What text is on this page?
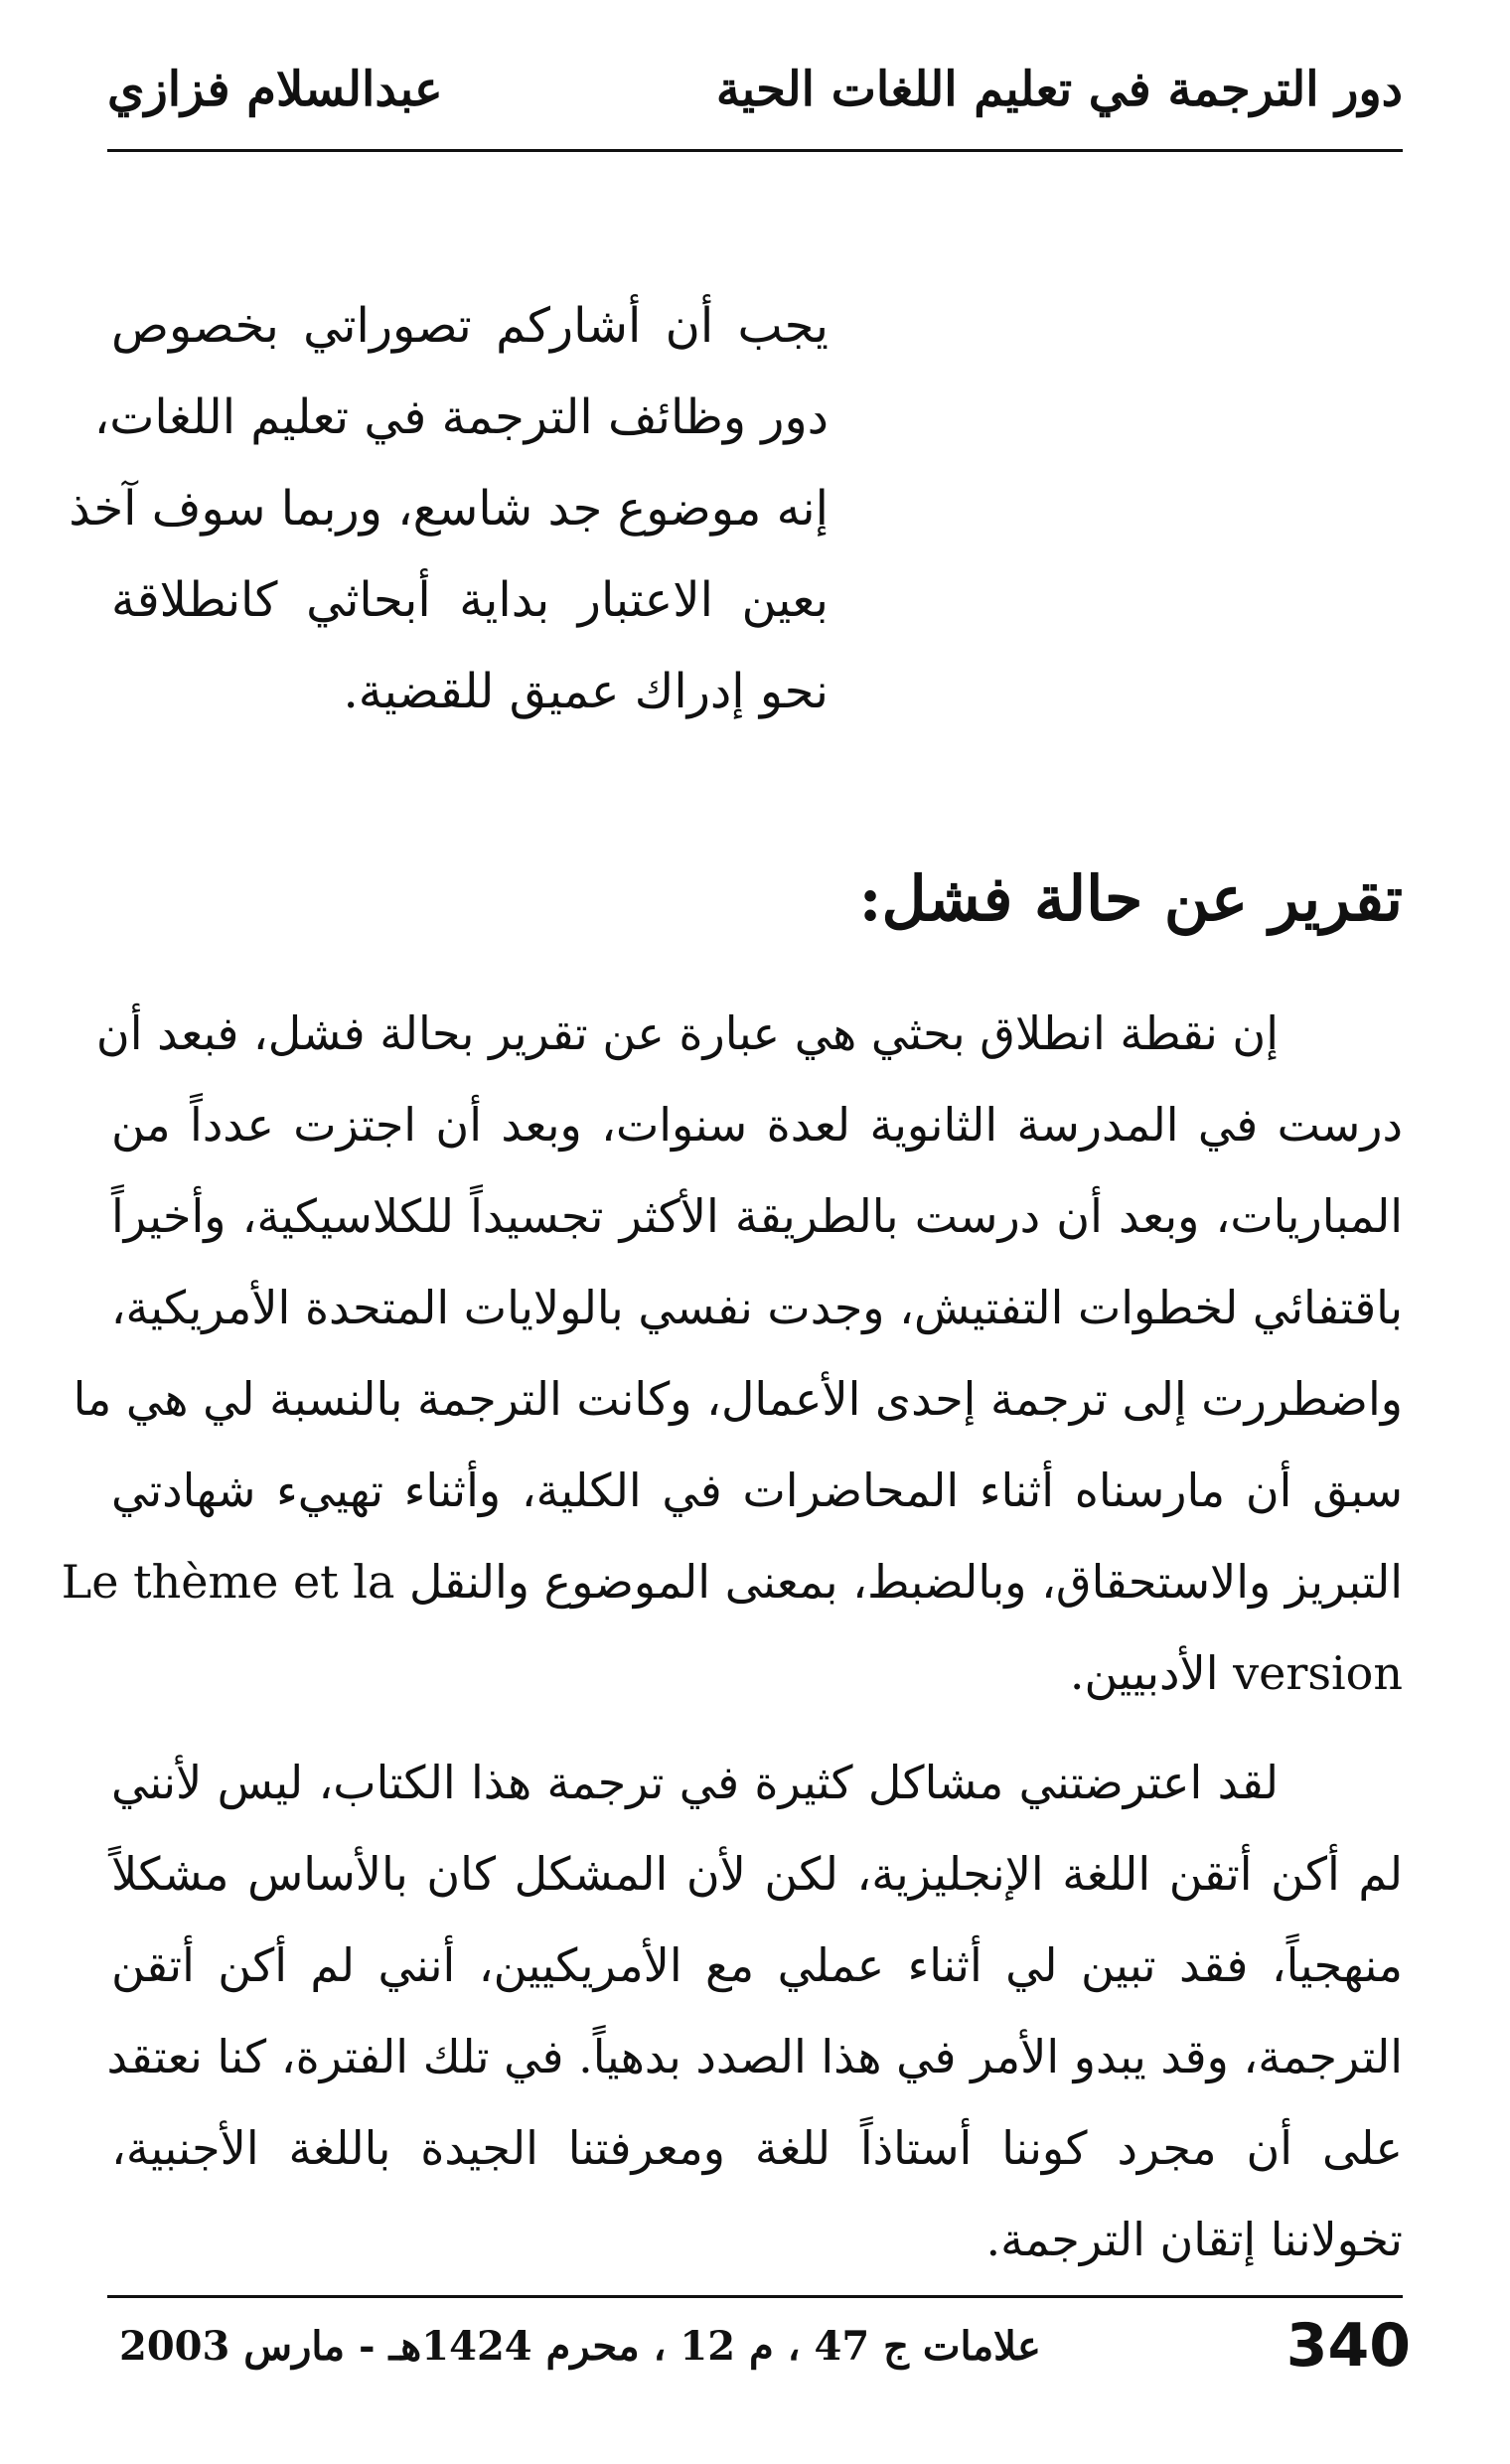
دور الترجمة في تعليم اللغات الحية
عبدالسلام فزازي
يجب أن أشاركم تصوراتي بخصوص
دور وظائف الترجمة في تعليم اللغات،
إنه موضوع جد شاسع، وربما سوف آخذ
بعين الاعتبار بداية أبحاثي كانطلاقة
نحو إدراك عميق للقضية.
تقرير عن حالة فشل:
إن نقطة انطلاق بحثي هي عبارة عن تقرير بحالة فشل، فبعد أن
درست في المدرسة الثانوية لعدة سنوات، وبعد أن اجتزت عدداً من
المباريات، وبعد أن درست بالطريقة الأكثر تجسيداً للكلاسيكية، وأخيراً
باقتفائي لخطوات التفتيش، وجدت نفسي بالولايات المتحدة الأمريكية،
واضطررت إلى ترجمة إحدى الأعمال، وكانت الترجمة بالنسبة لي هي ما
سبق أن مارسناه أثناء المحاضرات في الكلية، وأثناء تهييء شهادتي
التبريز والاستحقاق، وبالضبط، بمعنى الموضوع والنقل Le thème et la
version الأدبيين.
لقد اعترضتني مشاكل كثيرة في ترجمة هذا الكتاب، ليس لأنني
لم أكن أتقن اللغة الإنجليزية، لكن لأن المشكل كان بالأساس مشكلاً
منهجياً، فقد تبين لي أثناء عملي مع الأمريكيين، أنني لم أكن أتقن
الترجمة، وقد يبدو الأمر في هذا الصدد بدهياً. في تلك الفترة، كنا نعتقد
على أن مجرد كوننا أستاذاً للغة ومعرفتنا الجيدة باللغة الأجنبية،
تخولاننا إتقان الترجمة.
340
علامات ج 47 ، م 12 ، محرم 1424هـ - مارس 2003
